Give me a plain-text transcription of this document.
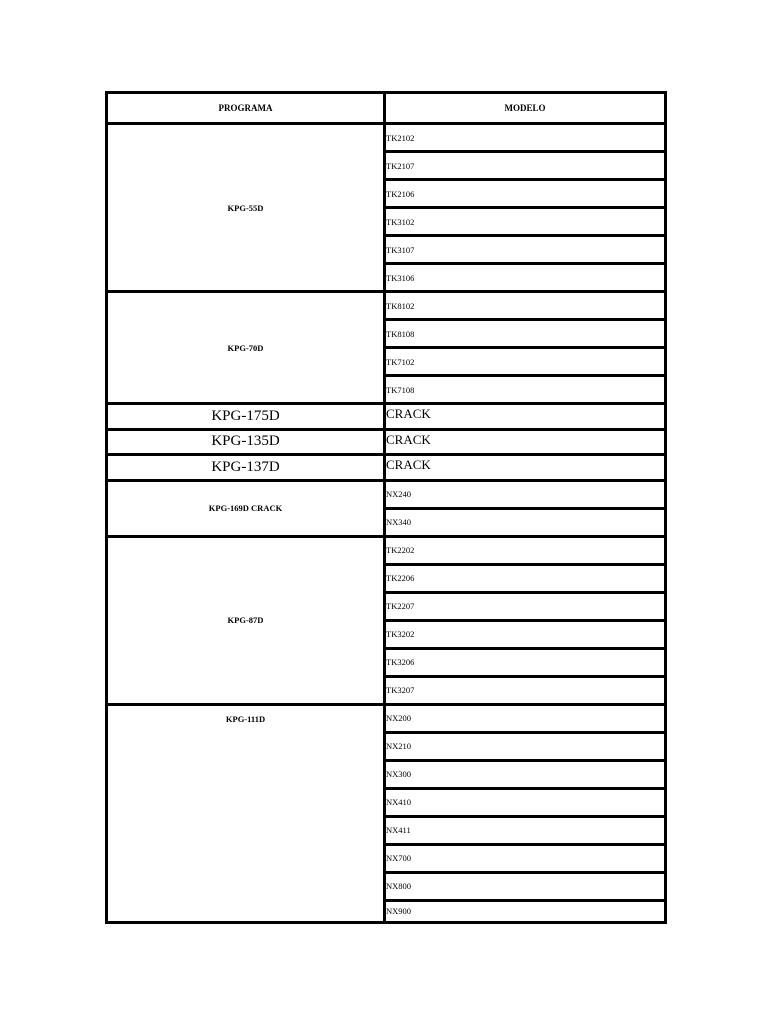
PROGRAMA	MODELO
KPG-55D	TK2102
	TK2107
	TK2106
	TK3102
	TK3107
	TK3106
KPG-70D	TK8102
	TK8108
	TK7102
	TK7108
KPG-175D	CRACK
KPG-135D	CRACK
KPG-137D	CRACK
KPG-169D CRACK	NX240
	NX340
KPG-87D	TK2202
	TK2206
	TK2207
	TK3202
	TK3206
	TK3207
KPG-111D	NX200
	NX210
	NX300
	NX410
	NX411
	NX700
	NX800
	NX900
